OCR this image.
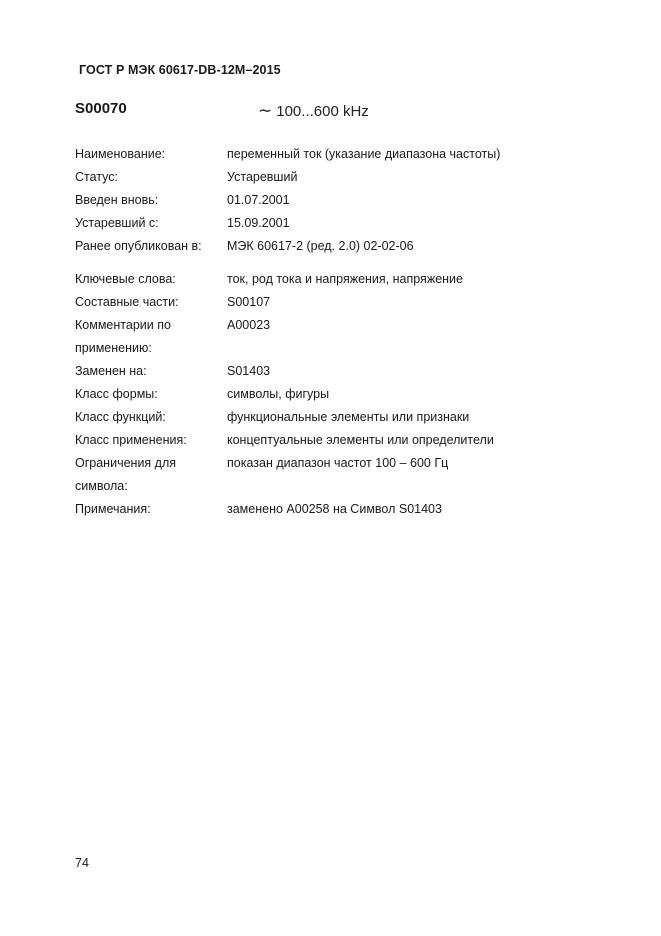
ГОСТ Р МЭК 60617-DB-12M–2015
S00070	∼ 100...600 kHz
Наименование:	переменный ток (указание диапазона частоты)
Статус:	Устаревший
Введен вновь:	01.07.2001
Устаревший с:	15.09.2001
Ранее опубликован в:	МЭК 60617-2 (ред. 2.0) 02-02-06
Ключевые слова:	ток, род тока и напряжения, напряжение
Составные части:	S00107
Комментарии по	A00023
применению:
Заменен на:	S01403
Класс формы:	символы, фигуры
Класс функций:	функциональные элементы или признаки
Класс применения:	концептуальные элементы или определители
Ограничения для	показан диапазон частот 100 – 600 Гц
символа:
Примечания:	заменено A00258 на Символ S01403
74
